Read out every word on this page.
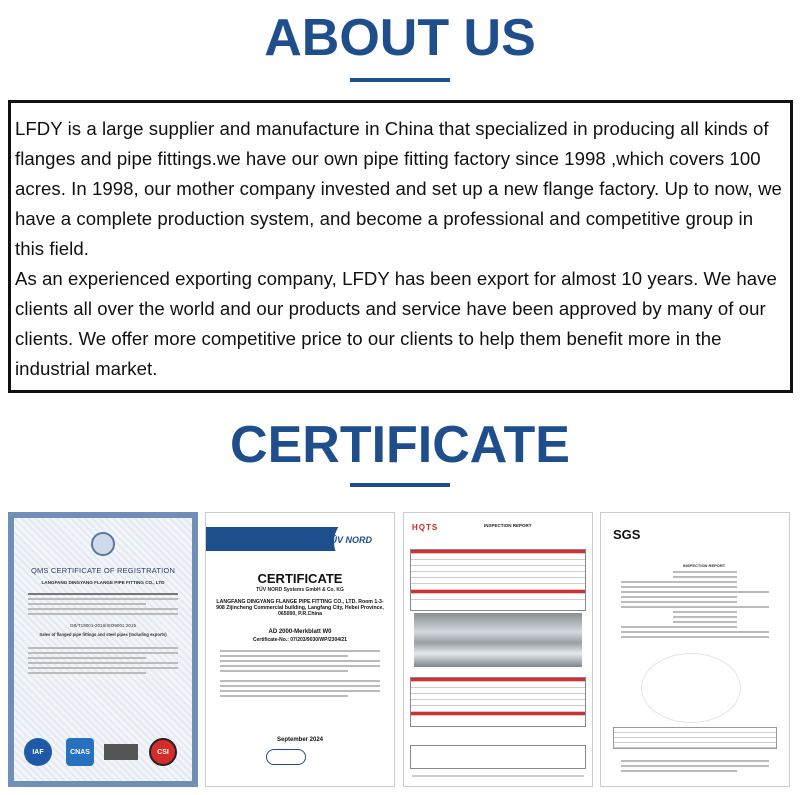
ABOUT US

LFDY is a large supplier and manufacture in China that specialized in producing all kinds of flanges and pipe fittings.we have our own pipe fitting factory since 1998 ,which covers 100 acres. In 1998, our mother company invested and set up a new flange factory. Up to now, we have a complete production system, and become a professional and competitive group in this field.

As an experienced exporting company, LFDY has been export for almost 10 years. We have clients all over the world and our products and service have been approved by many of our clients. We offer more competitive price to our clients to help them benefit more in the industrial market.

CERTIFICATE
QMS CERTIFICATE OF REGISTRATION
LANGFANG DINGYANG FLANGE PIPE FITTING CO., LTD
GB/T19001-2016/ISO9001:2015
Sales of flanged pipe fittings and steel pipes (Including exports)
IAF	CNAS	CSI
TÜV NORD
CERTIFICATE
TÜV NORD Systems GmbH & Co. KG
LANGFANG DINGYANG FLANGE PIPE FITTING CO., LTD. Room 1-3-908 Zijincheng Commercial building, Langfang City, Hebei Province, 065000, P.R.China
AD 2000-Merkblatt W0
Certificate-No.: 07/203/9030/WP/2304/21
September 2024
HQTS	INSPECTION REPORT
SGS
INSPECTION REPORT
